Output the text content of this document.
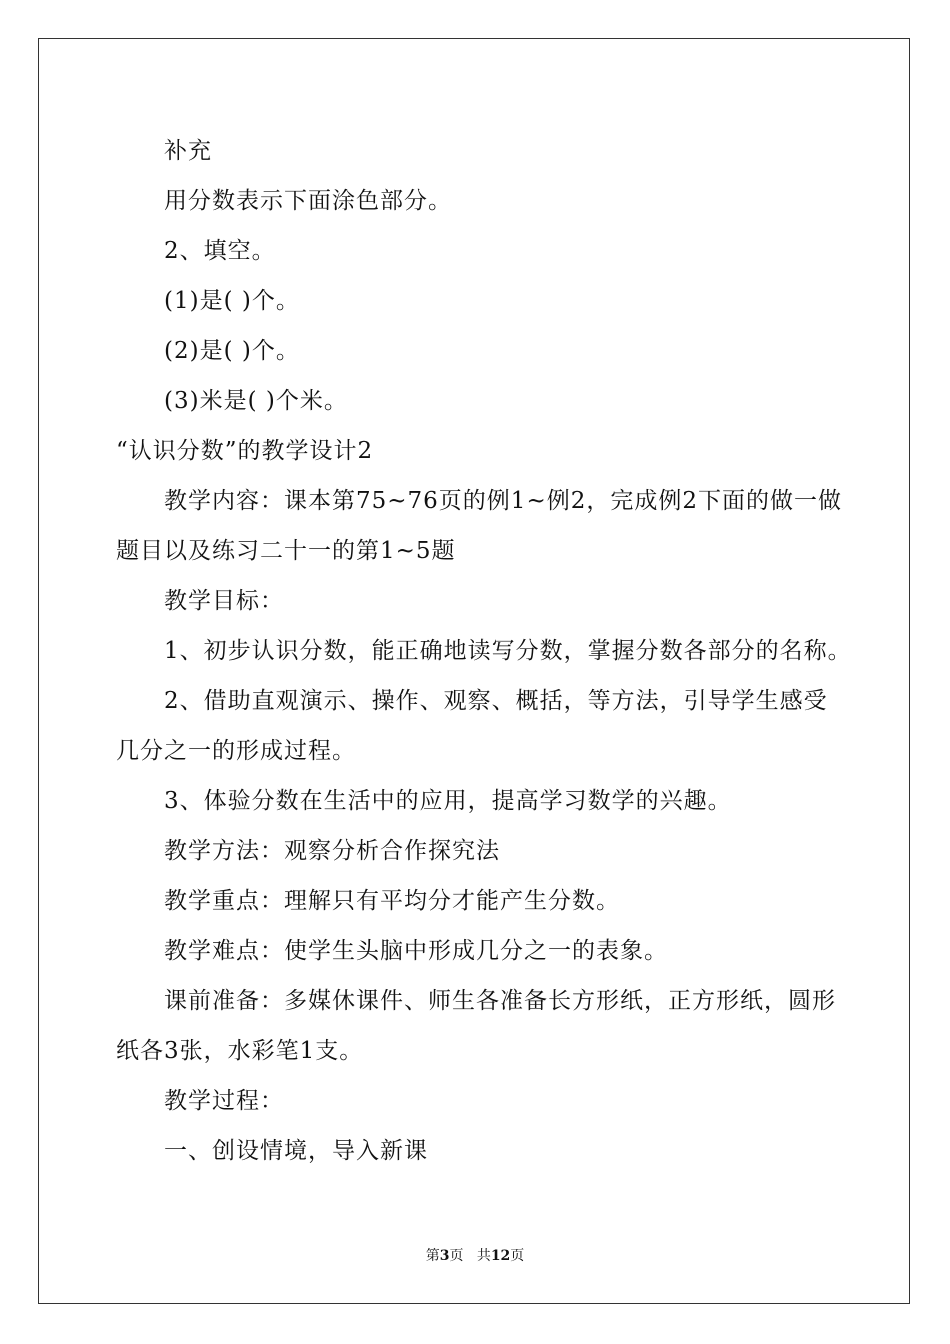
补充
用分数表示下面涂色部分。
2、填空。
(1)是( )个。
(2)是( )个。
(3)米是( )个米。
“认识分数”的教学设计2
教学内容：课本第75~76页的例1~例2，完成例2下面的做一做
题目以及练习二十一的第1~5题
教学目标：
1、初步认识分数，能正确地读写分数，掌握分数各部分的名称。
2、借助直观演示、操作、观察、概括，等方法，引导学生感受
几分之一的形成过程。
3、体验分数在生活中的应用，提高学习数学的兴趣。
教学方法：观察分析合作探究法
教学重点：理解只有平均分才能产生分数。
教学难点：使学生头脑中形成几分之一的表象。
课前准备：多媒休课件、师生各准备长方形纸，正方形纸，圆形
纸各3张，水彩笔1支。
教学过程：
一、创设情境，导入新课
第3页 共12页
